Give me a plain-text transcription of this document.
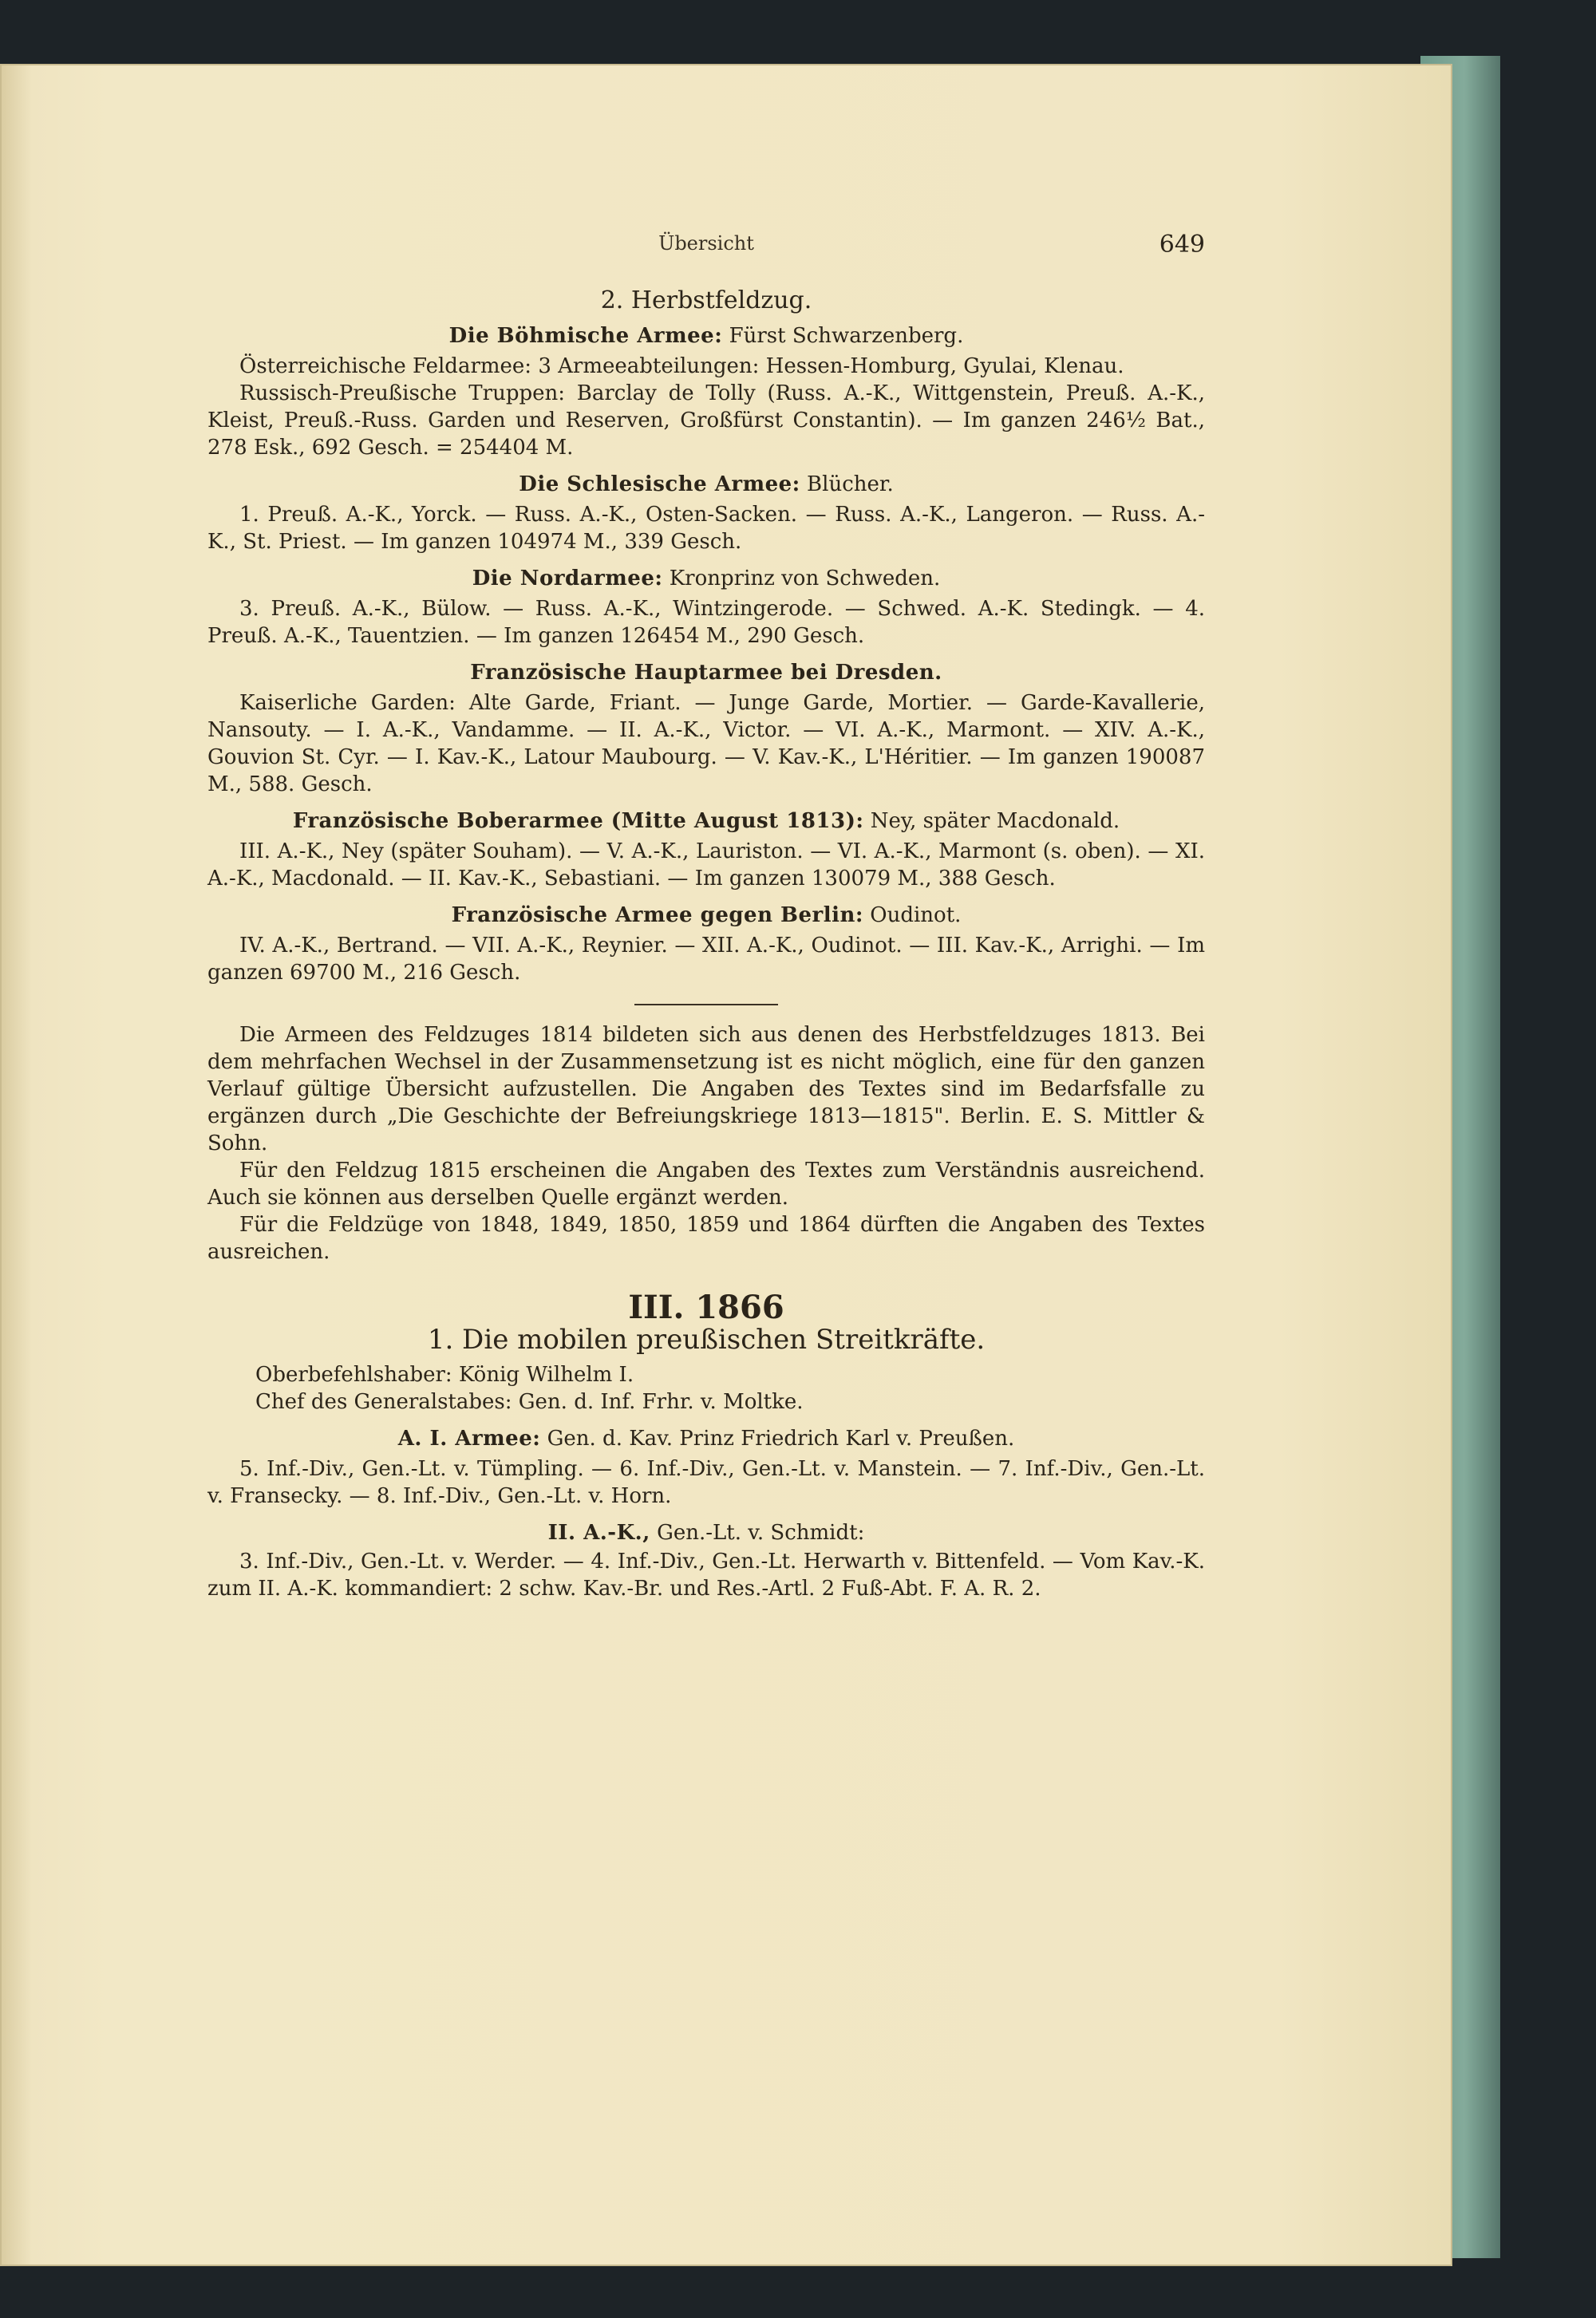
Übersicht	649
2. Herbstfeldzug.
Die Böhmische Armee: Fürst Schwarzenberg.

Österreichische Feldarmee: 3 Armeeabteilungen: Hessen-Homburg, Gyulai, Klenau.

Russisch-Preußische Truppen: Barclay de Tolly (Russ. A.-K., Wittgenstein, Preuß. A.-K., Kleist, Preuß.-Russ. Garden und Reserven, Großfürst Constantin). — Im ganzen 246½ Bat., 278 Esk., 692 Gesch. = 254404 M.

Die Schlesische Armee: Blücher.

1. Preuß. A.-K., Yorck. — Russ. A.-K., Osten-Sacken. — Russ. A.-K., Langeron. — Russ. A.-K., St. Priest. — Im ganzen 104974 M., 339 Gesch.

Die Nordarmee: Kronprinz von Schweden.

3. Preuß. A.-K., Bülow. — Russ. A.-K., Wintzingerode. — Schwed. A.-K. Stedingk. — 4. Preuß. A.-K., Tauentzien. — Im ganzen 126454 M., 290 Gesch.

Französische Hauptarmee bei Dresden.

Kaiserliche Garden: Alte Garde, Friant. — Junge Garde, Mortier. — Garde-Kavallerie, Nansouty. — I. A.-K., Vandamme. — II. A.-K., Victor. — VI. A.-K., Marmont. — XIV. A.-K., Gouvion St. Cyr. — I. Kav.-K., Latour Maubourg. — V. Kav.-K., L'Héritier. — Im ganzen 190087 M., 588. Gesch.

Französische Boberarmee (Mitte August 1813): Ney, später Macdonald.

III. A.-K., Ney (später Souham). — V. A.-K., Lauriston. — VI. A.-K., Marmont (s. oben). — XI. A.-K., Macdonald. — II. Kav.-K., Sebastiani. — Im ganzen 130079 M., 388 Gesch.

Französische Armee gegen Berlin: Oudinot.

IV. A.-K., Bertrand. — VII. A.-K., Reynier. — XII. A.-K., Oudinot. — III. Kav.-K., Arrighi. — Im ganzen 69700 M., 216 Gesch.

Die Armeen des Feldzuges 1814 bildeten sich aus denen des Herbstfeldzuges 1813. Bei dem mehrfachen Wechsel in der Zusammensetzung ist es nicht möglich, eine für den ganzen Verlauf gültige Übersicht aufzustellen. Die Angaben des Textes sind im Bedarfsfalle zu ergänzen durch „Die Geschichte der Befreiungskriege 1813—1815". Berlin. E. S. Mittler & Sohn.

Für den Feldzug 1815 erscheinen die Angaben des Textes zum Verständnis ausreichend. Auch sie können aus derselben Quelle ergänzt werden.

Für die Feldzüge von 1848, 1849, 1850, 1859 und 1864 dürften die Angaben des Textes ausreichen.

III. 1866
1. Die mobilen preußischen Streitkräfte.

Oberbefehlshaber: König Wilhelm I.

Chef des Generalstabes: Gen. d. Inf. Frhr. v. Moltke.

A. I. Armee: Gen. d. Kav. Prinz Friedrich Karl v. Preußen.

5. Inf.-Div., Gen.-Lt. v. Tümpling. — 6. Inf.-Div., Gen.-Lt. v. Manstein. — 7. Inf.-Div., Gen.-Lt. v. Fransecky. — 8. Inf.-Div., Gen.-Lt. v. Horn.

II. A.-K., Gen.-Lt. v. Schmidt:

3. Inf.-Div., Gen.-Lt. v. Werder. — 4. Inf.-Div., Gen.-Lt. Herwarth v. Bittenfeld. — Vom Kav.-K. zum II. A.-K. kommandiert: 2 schw. Kav.-Br. und Res.-Artl. 2 Fuß-Abt. F. A. R. 2.
